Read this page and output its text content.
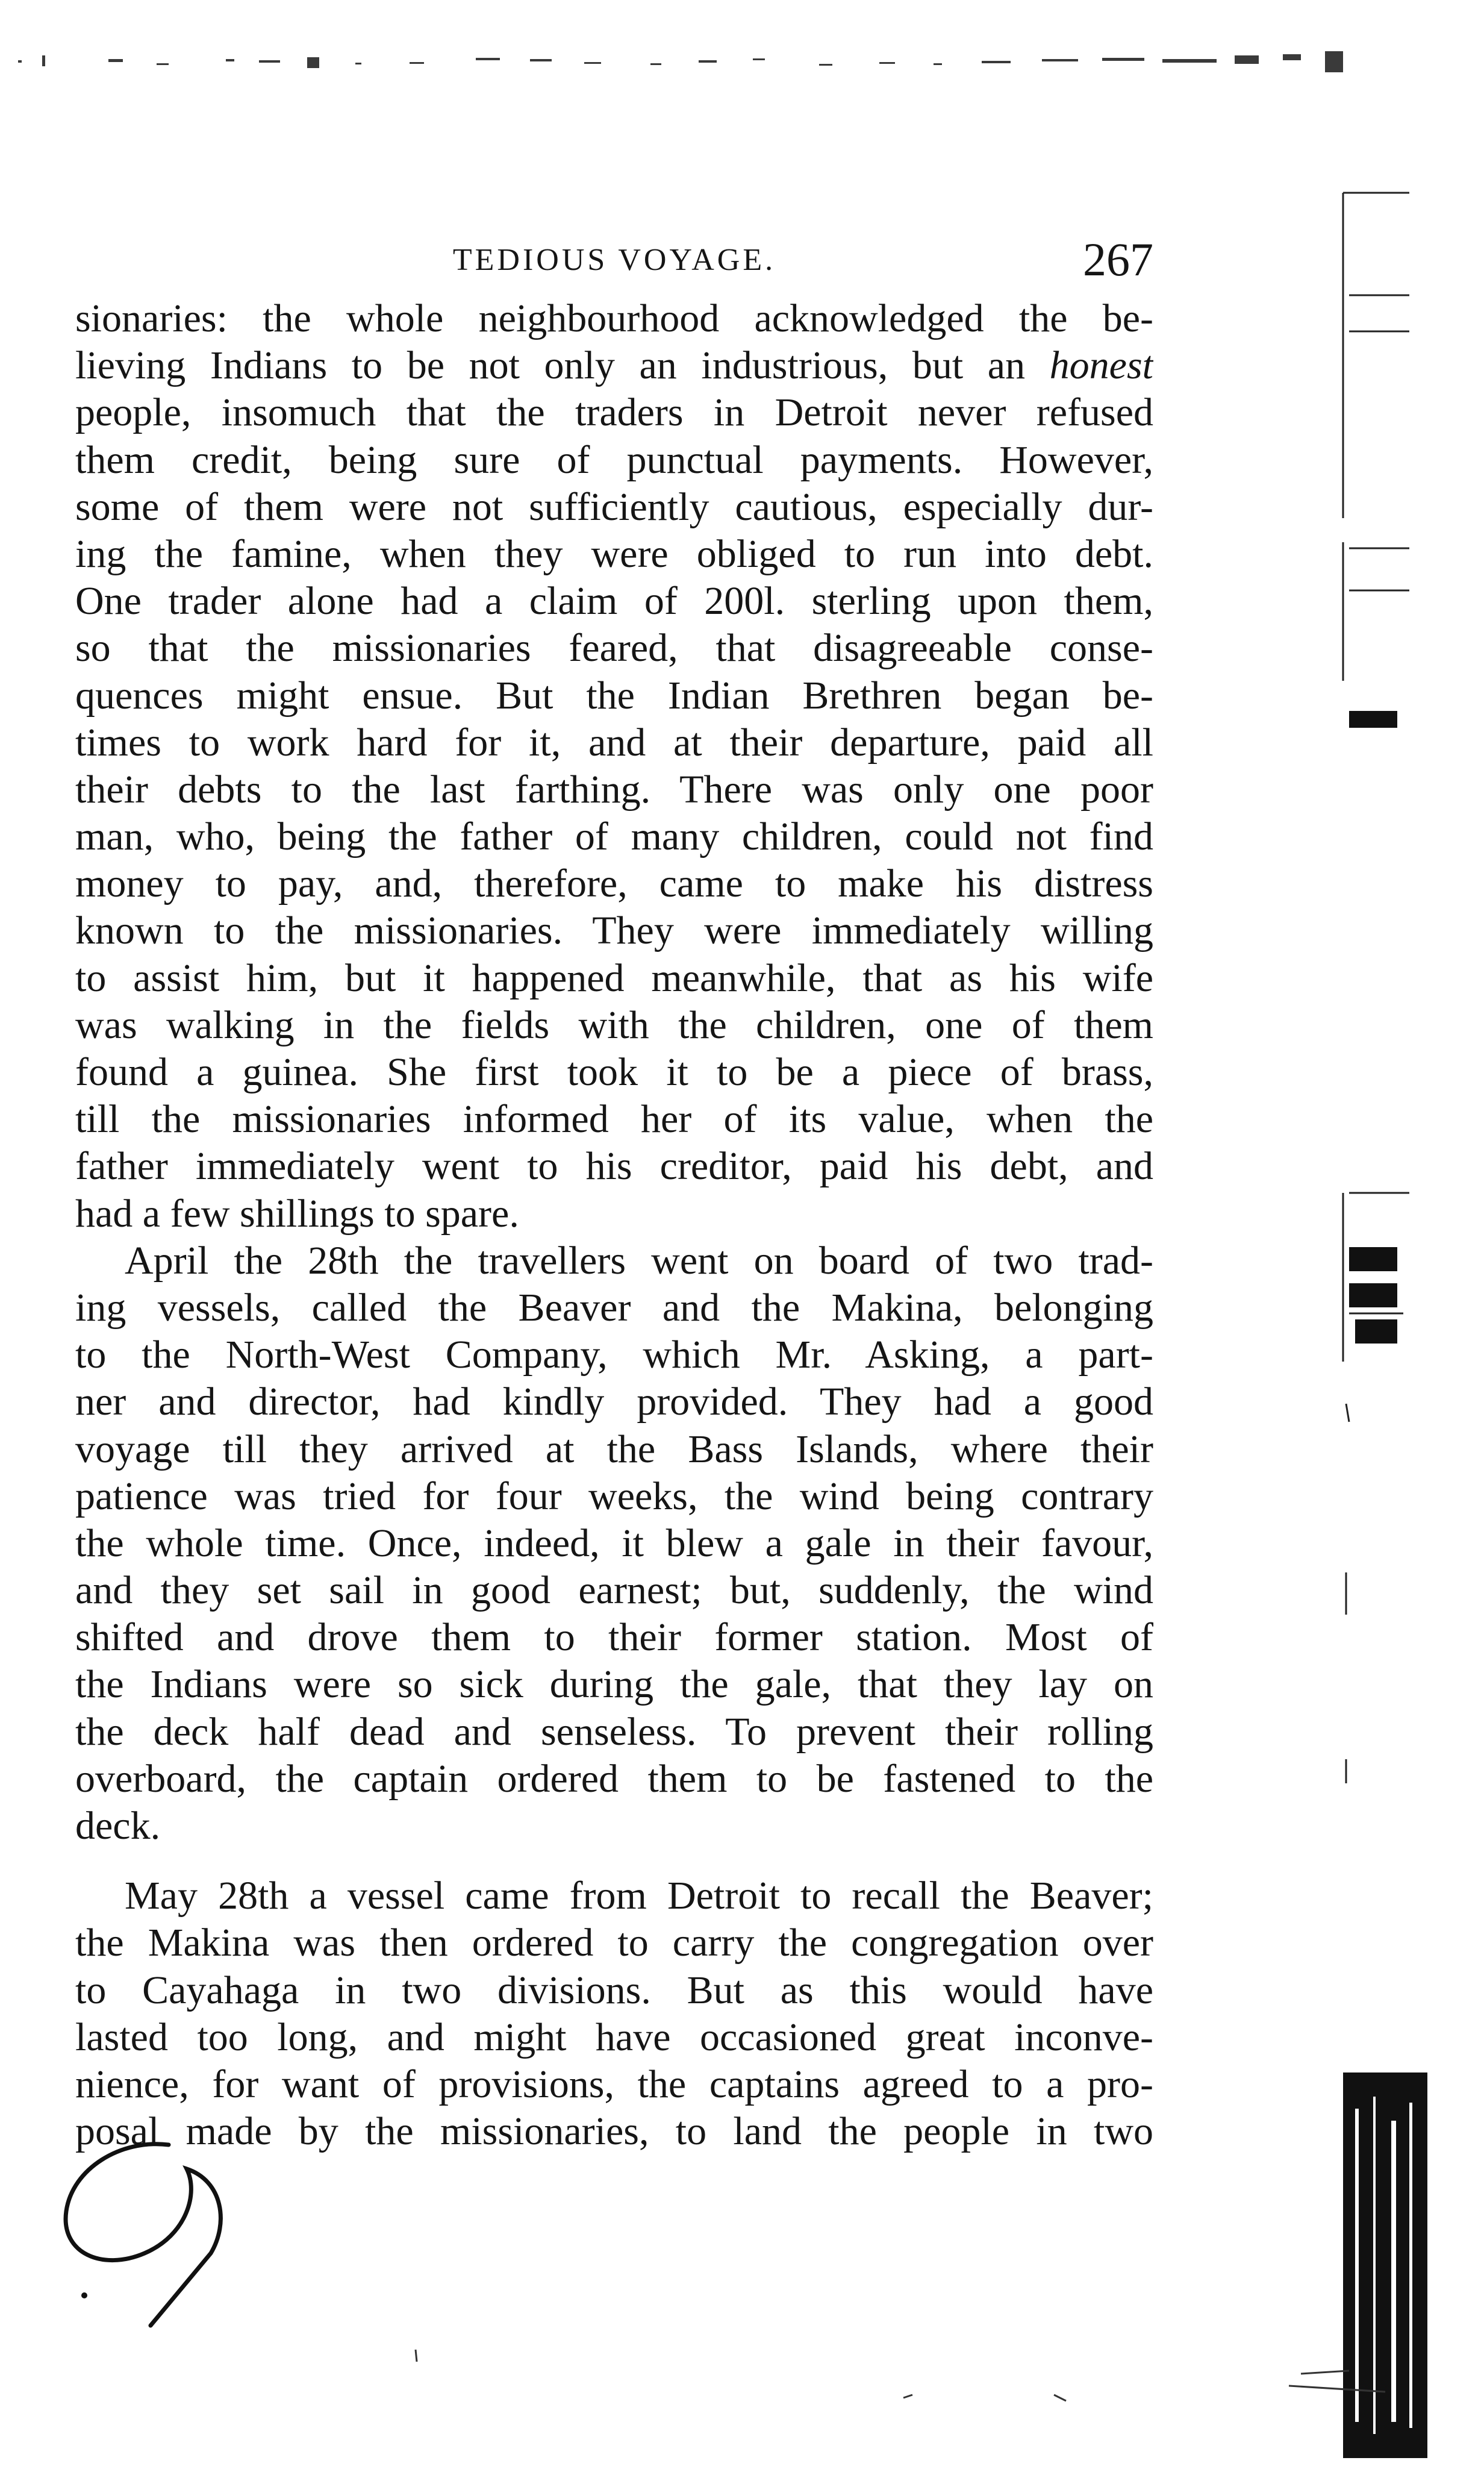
TEDIOUS VOYAGE.	267
sionaries: the whole neighbourhood acknowledged the be-
lieving Indians to be not only an industrious, but an honest
people, insomuch that the traders in Detroit never refused
them credit, being sure of punctual payments. However,
some of them were not sufficiently cautious, especially dur-
ing the famine, when they were obliged to run into debt.
One trader alone had a claim of 200l. sterling upon them,
so that the missionaries feared, that disagreeable conse-
quences might ensue. But the Indian Brethren began be-
times to work hard for it, and at their departure, paid all
their debts to the last farthing. There was only one poor
man, who, being the father of many children, could not find
money to pay, and, therefore, came to make his distress
known to the missionaries. They were immediately willing
to assist him, but it happened meanwhile, that as his wife
was walking in the fields with the children, one of them
found a guinea. She first took it to be a piece of brass,
till the missionaries informed her of its value, when the
father immediately went to his creditor, paid his debt, and
had a few shillings to spare.
April the 28th the travellers went on board of two trad-
ing vessels, called the Beaver and the Makina, belonging
to the North-West Company, which Mr. Asking, a part-
ner and director, had kindly provided. They had a good
voyage till they arrived at the Bass Islands, where their
patience was tried for four weeks, the wind being contrary
the whole time. Once, indeed, it blew a gale in their favour,
and they set sail in good earnest; but, suddenly, the wind
shifted and drove them to their former station. Most of
the Indians were so sick during the gale, that they lay on
the deck half dead and senseless. To prevent their rolling
overboard, the captain ordered them to be fastened to the
deck.
May 28th a vessel came from Detroit to recall the Beaver;
the Makina was then ordered to carry the congregation over
to Cayahaga in two divisions. But as this would have
lasted too long, and might have occasioned great inconve-
nience, for want of provisions, the captains agreed to a pro-
posal made by the missionaries, to land the people in two
